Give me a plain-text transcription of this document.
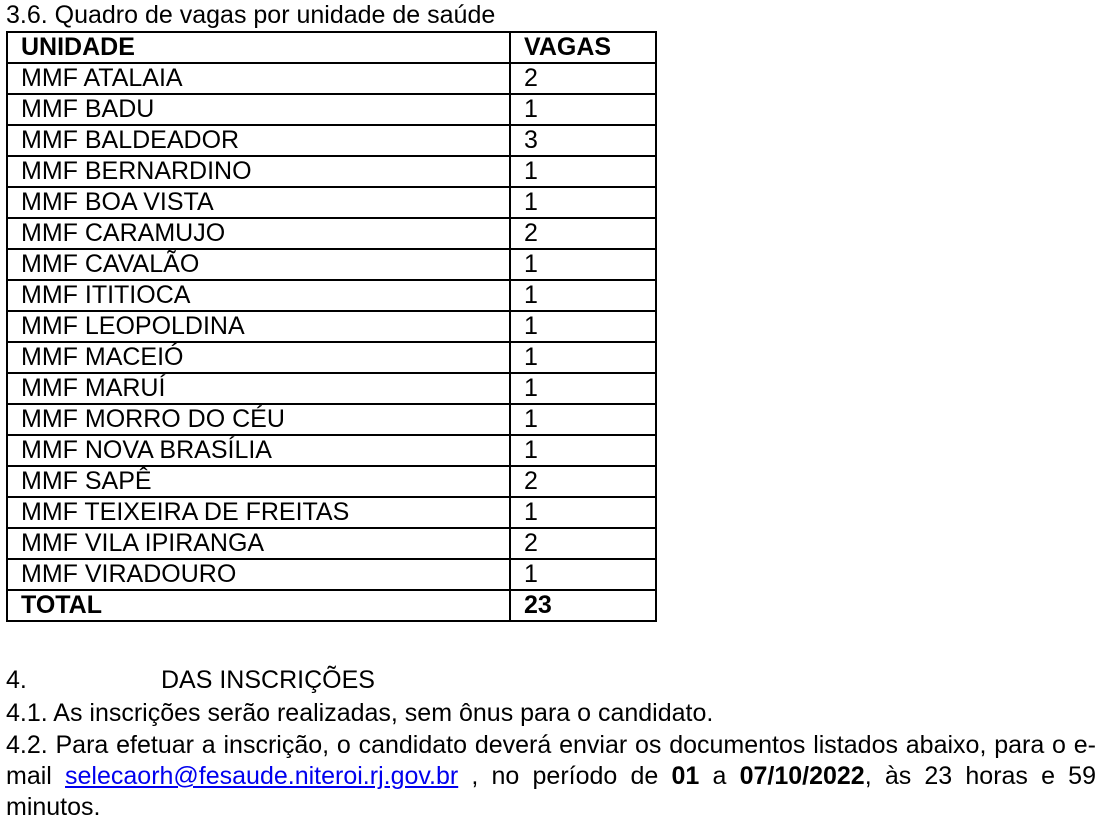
3.6. Quadro de vagas por unidade de saúde
UNIDADE	VAGAS
MMF ATALAIA	2
MMF BADU	1
MMF BALDEADOR	3
MMF BERNARDINO	1
MMF BOA VISTA	1
MMF CARAMUJO	2
MMF CAVALÃO	1
MMF ITITIOCA	1
MMF LEOPOLDINA	1
MMF MACEIÓ	1
MMF MARUÍ	1
MMF MORRO DO CÉU	1
MMF NOVA BRASÍLIA	1
MMF SAPÊ	2
MMF TEIXEIRA DE FREITAS	1
MMF VILA IPIRANGA	2
MMF VIRADOURO	1
TOTAL	23

4.	DAS INSCRIÇÕES

4.1. As inscrições serão realizadas, sem ônus para o candidato.

4.2. Para efetuar a inscrição, o candidato deverá enviar os documentos listados abaixo, para o e-mail selecaorh@fesaude.niteroi.rj.gov.br , no período de 01 a 07/10/2022, às 23 horas e 59 minutos.
